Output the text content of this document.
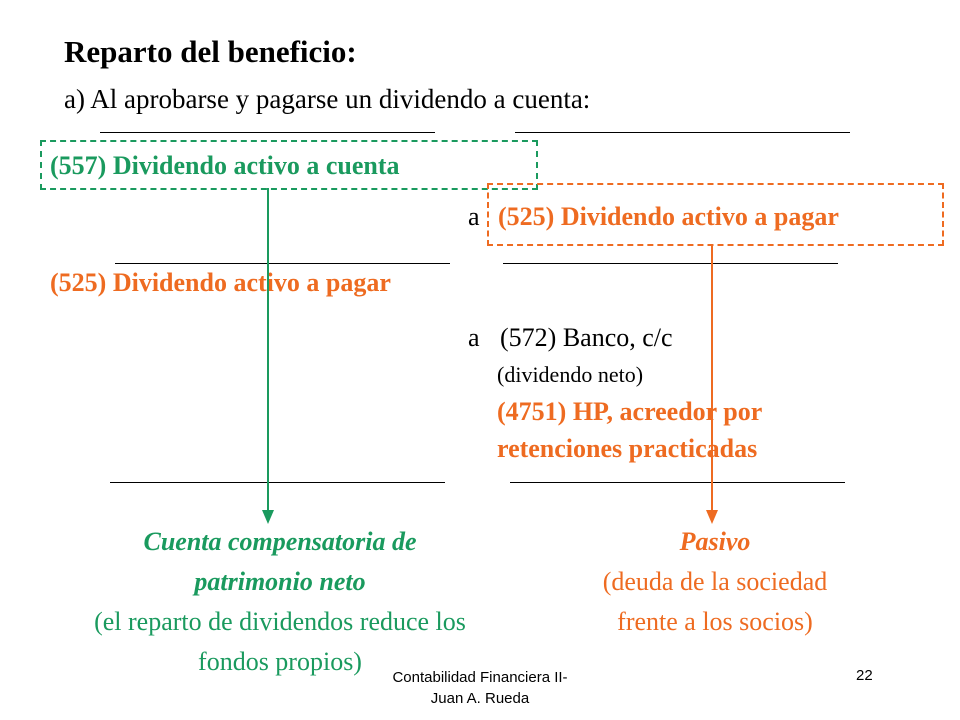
Reparto del beneficio:
a) Al aprobarse y pagarse un dividendo a cuenta:
(557) Dividendo activo a cuenta
a (525) Dividendo activo a pagar
(525) Dividendo activo a pagar
a (572) Banco, c/c
(dividendo neto)
(4751) HP, acreedor por
retenciones practicadas
Cuenta compensatoria de
patrimonio neto
(el reparto de dividendos reduce los
fondos propios)
Pasivo
(deuda de la sociedad
frente a los socios)
Contabilidad Financiera II-
Juan A. Rueda
22
